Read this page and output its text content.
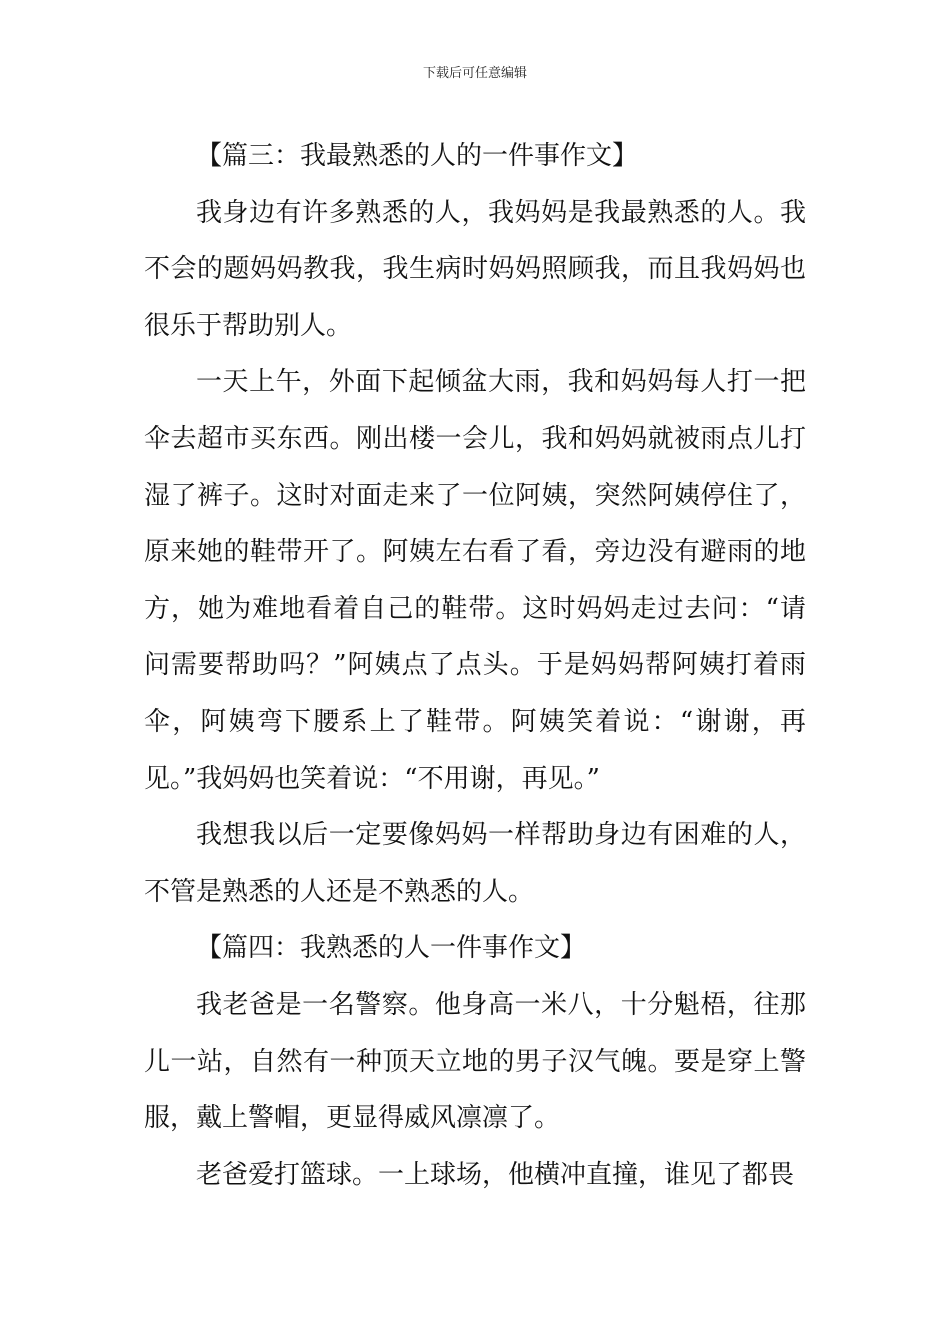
下载后可任意编辑

【篇三：我最熟悉的人的一件事作文】

我身边有许多熟悉的人，我妈妈是我最熟悉的人。我不会的题妈妈教我，我生病时妈妈照顾我，而且我妈妈也很乐于帮助别人。

一天上午，外面下起倾盆大雨，我和妈妈每人打一把伞去超市买东西。刚出楼一会儿，我和妈妈就被雨点儿打湿了裤子。这时对面走来了一位阿姨，突然阿姨停住了，原来她的鞋带开了。阿姨左右看了看，旁边没有避雨的地方，她为难地看着自己的鞋带。这时妈妈走过去问：“请问需要帮助吗？”阿姨点了点头。于是妈妈帮阿姨打着雨伞，阿姨弯下腰系上了鞋带。阿姨笑着说：“谢谢，再见。”我妈妈也笑着说：“不用谢，再见。”

我想我以后一定要像妈妈一样帮助身边有困难的人，不管是熟悉的人还是不熟悉的人。

【篇四：我熟悉的人一件事作文】

我老爸是一名警察。他身高一米八，十分魁梧，往那儿一站，自然有一种顶天立地的男子汉气魄。要是穿上警服，戴上警帽，更显得威风凛凛了。

老爸爱打篮球。一上球场，他横冲直撞，谁见了都畏
